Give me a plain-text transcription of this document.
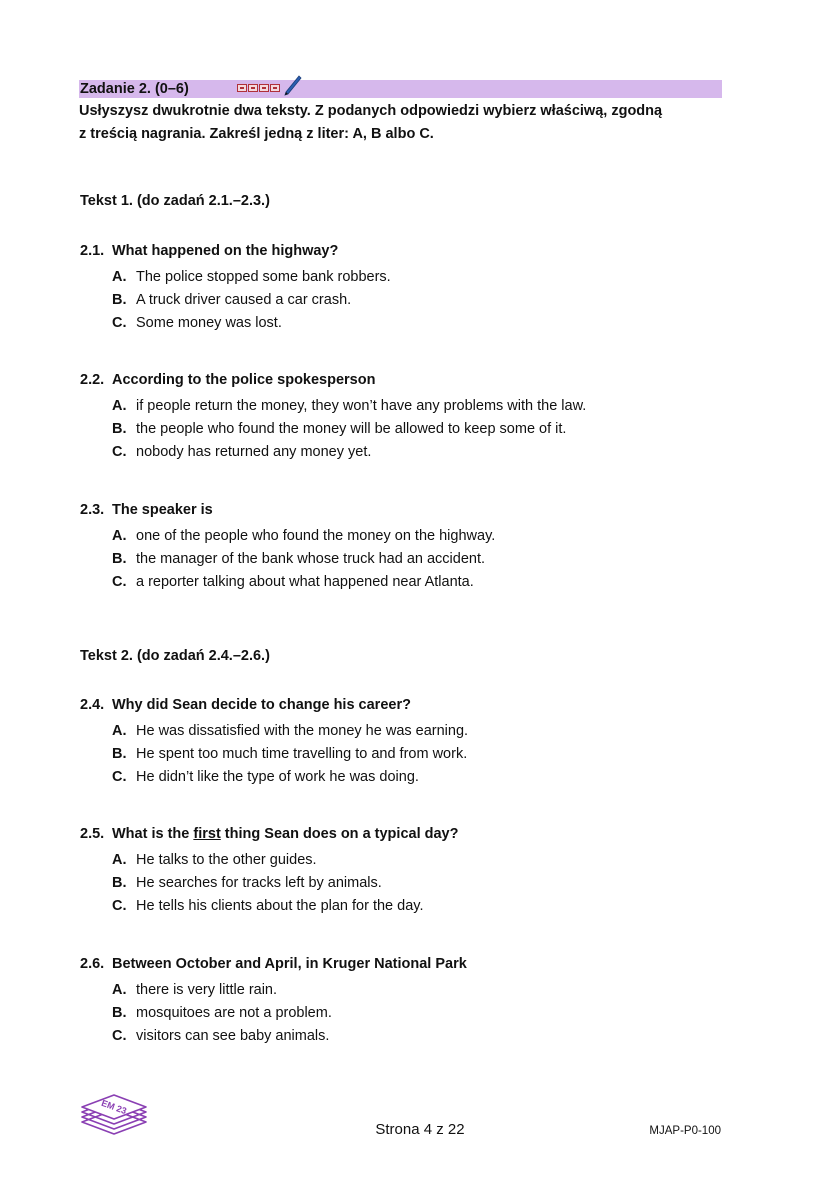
Zadanie 2. (0–6)
Usłyszysz dwukrotnie dwa teksty. Z podanych odpowiedzi wybierz właściwą, zgodną
z treścią nagrania. Zakreśl jedną z liter: A, B albo C.
Tekst 1. (do zadań 2.1.–2.3.)
2.1. What happened on the highway?
A. The police stopped some bank robbers.
B. A truck driver caused a car crash.
C. Some money was lost.
2.2. According to the police spokesperson
A. if people return the money, they won’t have any problems with the law.
B. the people who found the money will be allowed to keep some of it.
C. nobody has returned any money yet.
2.3. The speaker is
A. one of the people who found the money on the highway.
B. the manager of the bank whose truck had an accident.
C. a reporter talking about what happened near Atlanta.
Tekst 2. (do zadań 2.4.–2.6.)
2.4. Why did Sean decide to change his career?
A. He was dissatisfied with the money he was earning.
B. He spent too much time travelling to and from work.
C. He didn’t like the type of work he was doing.
2.5. What is the first thing Sean does on a typical day?
A. He talks to the other guides.
B. He searches for tracks left by animals.
C. He tells his clients about the plan for the day.
2.6. Between October and April, in Kruger National Park
A. there is very little rain.
B. mosquitoes are not a problem.
C. visitors can see baby animals.
EM 23
Strona 4 z 22	MJAP-P0-100
